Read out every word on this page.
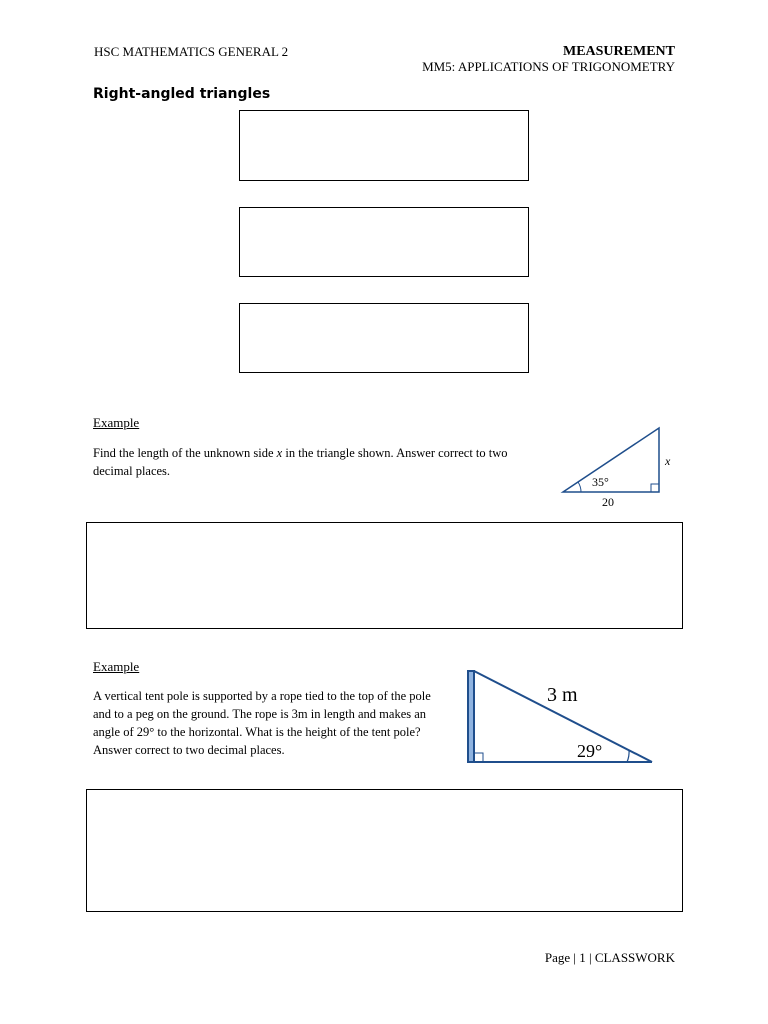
HSC MATHEMATICS GENERAL 2	MEASUREMENT
MM5: APPLICATIONS OF TRIGONOMETRY
Right-angled triangles
Example
Find the length of the unknown side x in the triangle shown. Answer correct to two decimal places.
35°
20
x
Example
A vertical tent pole is supported by a rope tied to the top of the pole and to a peg on the ground. The rope is 3m in length and makes an angle of 29° to the horizontal. What is the height of the tent pole? Answer correct to two decimal places.
3 m
29°
Page | 1 | CLASSWORK
